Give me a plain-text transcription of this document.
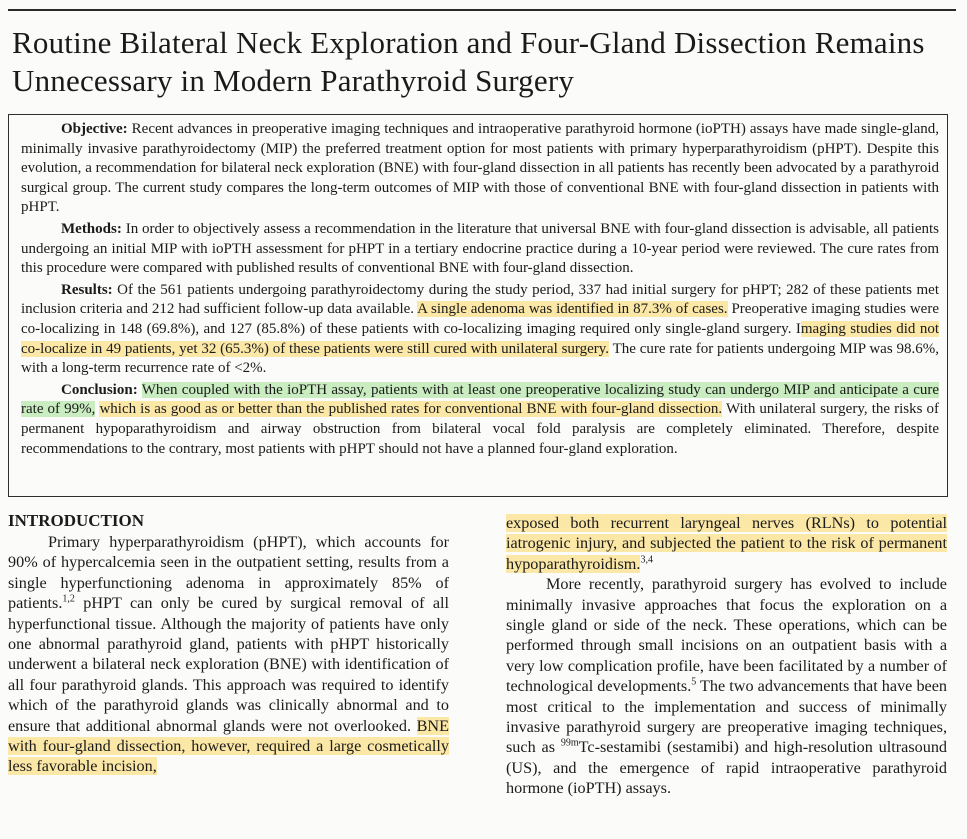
Routine Bilateral Neck Exploration and Four-Gland Dissection Remains Unnecessary in Modern Parathyroid Surgery

Objective: Recent advances in preoperative imaging techniques and intraoperative parathyroid hormone (ioPTH) assays have made single-gland, minimally invasive parathyroidectomy (MIP) the preferred treatment option for most patients with primary hyperparathyroidism (pHPT). Despite this evolution, a recommendation for bilateral neck exploration (BNE) with four-gland dissection in all patients has recently been advocated by a parathyroid surgical group. The current study compares the long-term outcomes of MIP with those of conventional BNE with four-gland dissection in patients with pHPT.

Methods: In order to objectively assess a recommendation in the literature that universal BNE with four-gland dissection is advisable, all patients undergoing an initial MIP with ioPTH assessment for pHPT in a tertiary endocrine practice during a 10-year period were reviewed. The cure rates from this procedure were compared with published results of conventional BNE with four-gland dissection.

Results: Of the 561 patients undergoing parathyroidectomy during the study period, 337 had initial surgery for pHPT; 282 of these patients met inclusion criteria and 212 had sufficient follow-up data available. A single adenoma was identified in 87.3% of cases. Preoperative imaging studies were co-localizing in 148 (69.8%), and 127 (85.8%) of these patients with co-localizing imaging required only single-gland surgery. Imaging studies did not co-localize in 49 patients, yet 32 (65.3%) of these patients were still cured with unilateral surgery. The cure rate for patients undergoing MIP was 98.6%, with a long-term recurrence rate of <2%.

Conclusion: When coupled with the ioPTH assay, patients with at least one preoperative localizing study can undergo MIP and anticipate a cure rate of 99%, which is as good as or better than the published rates for conventional BNE with four-gland dissection. With unilateral surgery, the risks of permanent hypoparathyroidism and airway obstruction from bilateral vocal fold paralysis are completely eliminated. Therefore, despite recommendations to the contrary, most patients with pHPT should not have a planned four-gland exploration.

INTRODUCTION

Primary hyperparathyroidism (pHPT), which accounts for 90% of hypercalcemia seen in the outpatient setting, results from a single hyperfunctioning adenoma in approximately 85% of patients.$^{1,2}$ pHPT can only be cured by surgical removal of all hyperfunctional tissue. Although the majority of patients have only one abnormal parathyroid gland, patients with pHPT historically underwent a bilateral neck exploration (BNE) with identification of all four parathyroid glands. This approach was required to identify which of the parathyroid glands was clinically abnormal and to ensure that additional abnormal glands were not overlooked. BNE with four-gland dissection, however, required a large cosmetically less favorable incision,

exposed both recurrent laryngeal nerves (RLNs) to potential iatrogenic injury, and subjected the patient to the risk of permanent hypoparathyroidism.$^{3,4}$

More recently, parathyroid surgery has evolved to include minimally invasive approaches that focus the exploration on a single gland or side of the neck. These operations, which can be performed through small incisions on an outpatient basis with a very low complication profile, have been facilitated by a number of technological developments.$^5$ The two advancements that have been most critical to the implementation and success of minimally invasive parathyroid surgery are preoperative imaging techniques, such as $^{99m}$Tc-sestamibi (sestamibi) and high-resolution ultrasound (US), and the emergence of rapid intraoperative parathyroid hormone (ioPTH) assays.
